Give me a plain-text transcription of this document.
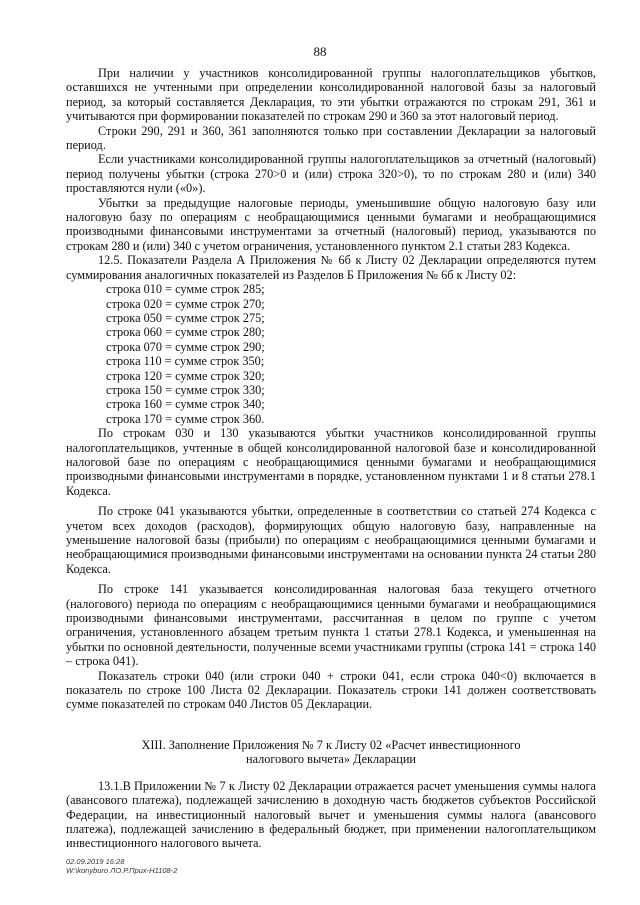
88

При наличии у участников консолидированной группы налогоплательщиков убытков, оставшихся не учтенными при определении консолидированной налоговой базы за налоговый период, за который составляется Декларация, то эти убытки отражаются по строкам 291, 361 и учитываются при формировании показателей по строкам 290 и 360 за этот налоговый период.

Строки 290, 291 и 360, 361 заполняются только при составлении Декларации за налоговый период.

Если участниками консолидированной группы налогоплательщиков за отчетный (налоговый) период получены убытки (строка 270>0 и (или) строка 320>0), то по строкам 280 и (или) 340 проставляются нули («0»).

Убытки за предыдущие налоговые периоды, уменьшившие общую налоговую базу или налоговую базу по операциям с необращающимися ценными бумагами и необращающимися производными финансовыми инструментами за отчетный (налоговый) период, указываются по строкам 280 и (или) 340 с учетом ограничения, установленного пунктом 2.1 статьи 283 Кодекса.

12.5. Показатели Раздела А Приложения № 6б к Листу 02 Декларации определяются путем суммирования аналогичных показателей из Разделов Б Приложения № 6б к Листу 02:

строка 010 = сумме строк 285;
строка 020 = сумме строк 270;
строка 050 = сумме строк 275;
строка 060 = сумме строк 280;
строка 070 = сумме строк 290;
строка 110 = сумме строк 350;
строка 120 = сумме строк 320;
строка 150 = сумме строк 330;
строка 160 = сумме строк 340;
строка 170 = сумме строк 360.

По строкам 030 и 130 указываются убытки участников консолидированной группы налогоплательщиков, учтенные в общей консолидированной налоговой базе и консолидированной налоговой базе по операциям с необращающимися ценными бумагами и необращающимися производными финансовыми инструментами в порядке, установленном пунктами 1 и 8 статьи 278.1 Кодекса.

По строке 041 указываются убытки, определенные в соответствии со статьей 274 Кодекса с учетом всех доходов (расходов), формирующих общую налоговую базу, направленные на уменьшение налоговой базы (прибыли) по операциям с необращающимися ценными бумагами и необращающимися производными финансовыми инструментами на основании пункта 24 статьи 280 Кодекса.

По строке 141 указывается консолидированная налоговая база текущего отчетного (налогового) периода по операциям с необращающимися ценными бумагами и необращающимися производными финансовыми инструментами, рассчитанная в целом по группе с учетом ограничения, установленного абзацем третьим пункта 1 статьи 278.1 Кодекса, и уменьшенная на убытки по основной деятельности, полученные всеми участниками группы (строка 141 = строка 140 – строка 041).

Показатель строки 040 (или строки 040 + строки 041, если строка 040<0) включается в показатель по строке 100 Листа 02 Декларации. Показатель строки 141 должен соответствовать сумме показателей по строкам 040 Листов 05 Декларации.

XIII. Заполнение Приложения № 7 к Листу 02 «Расчет инвестиционного
налогового вычета» Декларации

13.1.В Приложении № 7 к Листу 02 Декларации отражается расчет уменьшения суммы налога (авансового платежа), подлежащей зачислению в доходную часть бюджетов субъектов Российской Федерации, на инвестиционный налоговый вычет и уменьшения суммы налога (авансового платежа), подлежащей зачислению в федеральный бюджет, при применении налогоплательщиком инвестиционного налогового вычета.

02.09.2019 16:28
W:\konyburo ЛО.Р.Приx-Н1108-2
